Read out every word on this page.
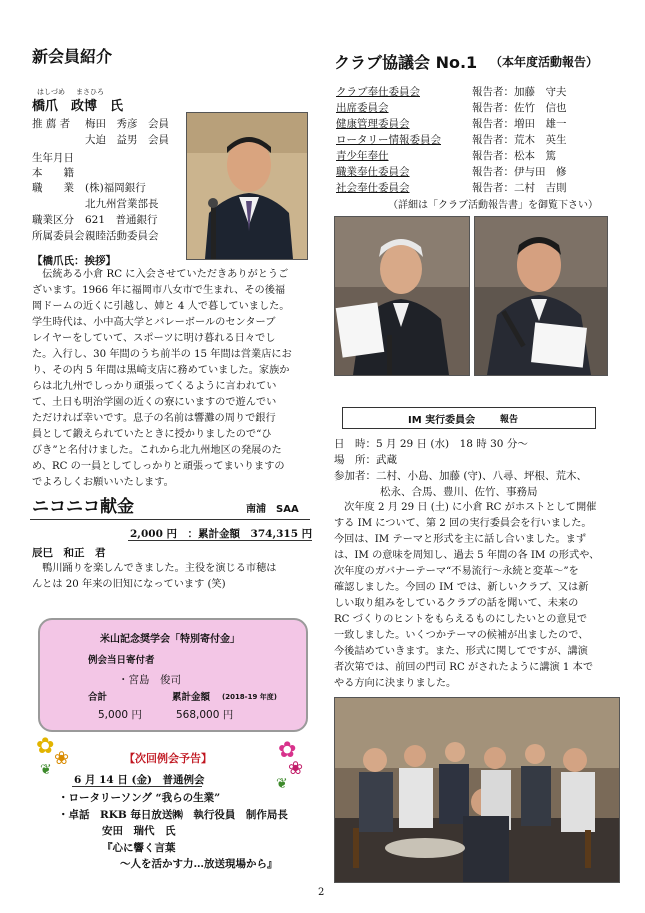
新会員紹介
はしづめ まさひろ
橋爪　政博　氏
推 薦 者 梅田　秀彦　会員
大迫　益男　会員
生年月日
本　　籍
職　　業 (株)福岡銀行
北九州営業部長
職業区分 621　普通銀行
所属委員会 親睦活動委員会
【橋爪氏：挨拶】
　伝統ある小倉 RC に入会させていただきありがとうご
ざいます。1966 年に福岡市八女市で生まれ、その後福
岡ドームの近くに引越し、姉と 4 人で暮していました。
学生時代は、小中高大学とバレーボールのセンターブ
レイヤーをしていて、スポーツに明け暮れる日々でし
た。入行し、30 年間のうち前半の 15 年間は営業店にお
り、その内 5 年間は黒崎支店に務めていました。家族か
らは北九州でしっかり頑張ってくるように言われてい
て、土日も明治学園の近くの寮にいますので遊んでい
ただければ幸いです。息子の名前は響灘の周りで銀行
員として鍛えられていたときに授かりましたので“ひ
びき”と名付けました。これから北九州地区の発展のた
め、RC の一員としてしっかりと頑張ってまいりますの
でよろしくお願いいたします。
ニコニコ献金	南浦　SAA
2,000 円　：累計金額　374,315 円
辰巳　和正　君
　鴨川踊りを楽しんできました。主役を演じる市穂は
んとは 20 年来の旧知になっています (笑)
米山記念奨学会「特別寄付金」
例会当日寄付者
・宮島　俊司
合計	累計金額 (2018-19 年度)
5,000 円	568,000 円
✿ ❀
❦
✿
❀
❦
【次回例会予告】
6 月 14 日 (金)　普通例会
・ロータリーソング “我らの生業”
・卓話　RKB 毎日放送㈱　執行役員　制作局長
安田　瑞代　氏
『心に響く言葉
〜人を活かす力…放送現場から』
クラブ協議会 No.1 （本年度活動報告）
クラブ奉仕委員会	報告者：加藤　守夫
出席委員会	報告者：佐竹　信也
健康管理委員会	報告者：増田　雄一
ロータリー情報委員会	報告者：荒木　英生
青少年奉仕	報告者：松本　篤
職業奉仕委員会	報告者：伊与田　修
社会奉仕委員会	報告者：二村　吉則
（詳細は「クラブ活動報告書」を御覧下さい）
IM 実行委員会	報告
日　時：5 月 29 日 (水)　18 時 30 分〜
場　所：武蔵
参加者：二村、小島、加藤 (守)、八尋、坪根、荒木、
松永、合馬、豊川、佐竹、事務局
　次年度 2 月 29 日 (土) に小倉 RC がホストとして開催
する IM について、第 2 回の実行委員会を行いました。
今回は、IM テーマと形式を主に話し合いました。まず
は、IM の意味を周知し、過去 5 年間の各 IM の形式や、
次年度のガバナーテーマ“不易流行〜永続と変革〜”を
確認しました。今回の IM では、新しいクラブ、又は新
しい取り組みをしているクラブの話を聞いて、未来の
RC づくりのヒントをもらえるものにしたいとの意見で
一致しました。いくつかテーマの候補が出ましたので、
今後詰めていきます。また、形式に関してですが、講演
者次第では、前回の門司 RC がされたように講演 1 本で
やる方向に決まりました。
2
